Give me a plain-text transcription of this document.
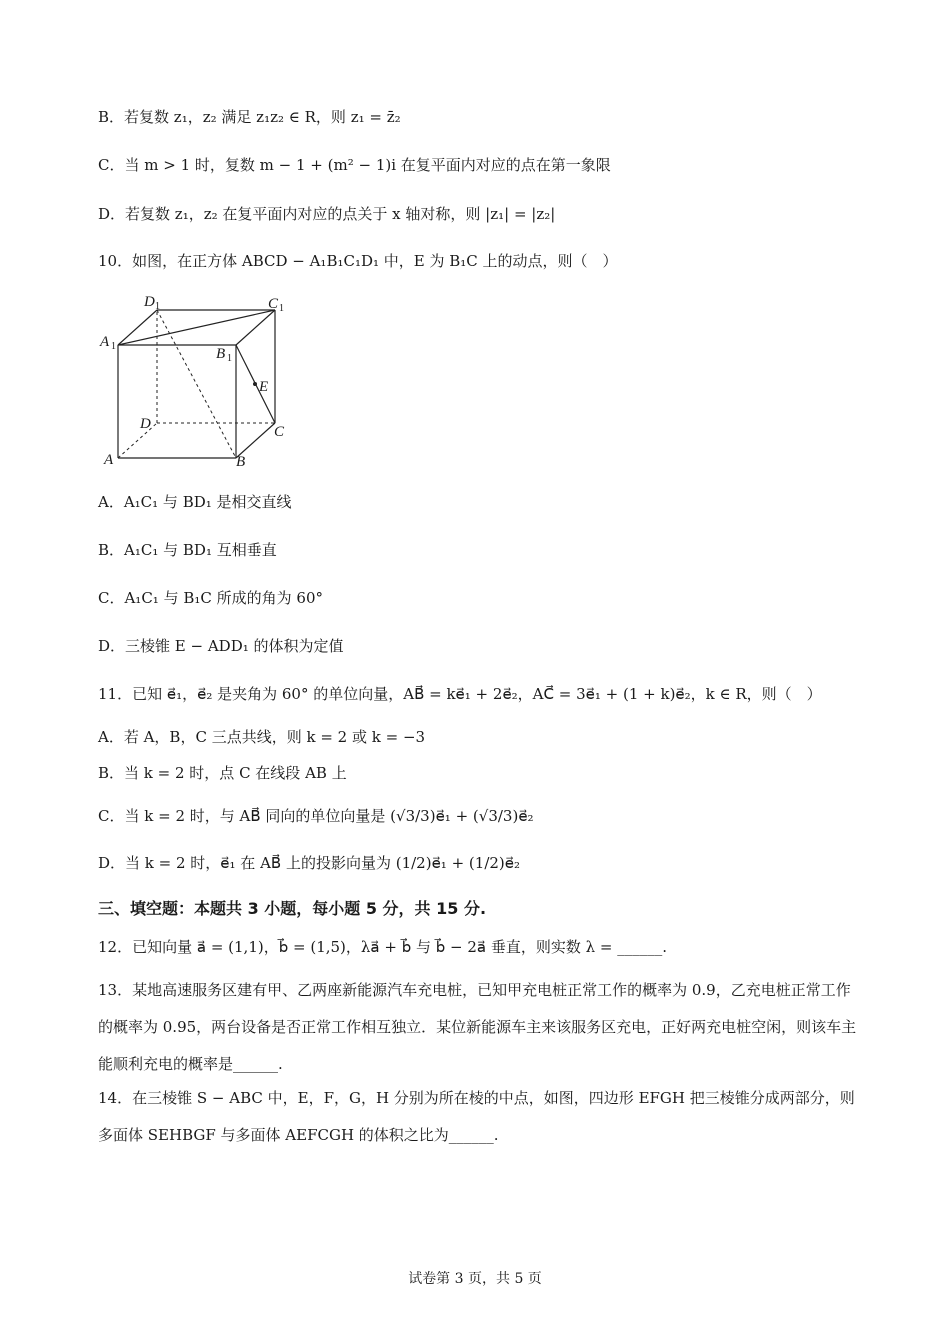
B．若复数 z₁，z₂ 满足 z₁z₂ ∈ R，则 z₁ = z̄₂
C．当 m > 1 时，复数 m − 1 + (m² − 1)i 在复平面内对应的点在第一象限
D．若复数 z₁，z₂ 在复平面内对应的点关于 x 轴对称，则 |z₁| = |z₂|
10．如图，在正方体 ABCD − A₁B₁C₁D₁ 中，E 为 B₁C 上的动点，则（　）
A	B
C
D
A 1	B 1
C 1
D 1
E
A．A₁C₁ 与 BD₁ 是相交直线
B．A₁C₁ 与 BD₁ 互相垂直
C．A₁C₁ 与 B₁C 所成的角为 60°
D．三棱锥 E − ADD₁ 的体积为定值
11．已知 e⃗₁，e⃗₂ 是夹角为 60° 的单位向量，AB⃗ = ke⃗₁ + 2e⃗₂，AC⃗ = 3e⃗₁ + (1 + k)e⃗₂，k ∈ R，则（　）
A．若 A，B，C 三点共线，则 k = 2 或 k = −3
B．当 k = 2 时，点 C 在线段 AB 上
C．当 k = 2 时，与 AB⃗ 同向的单位向量是 (√3/3)e⃗₁ + (√3/3)e⃗₂
D．当 k = 2 时，e⃗₁ 在 AB⃗ 上的投影向量为 (1/2)e⃗₁ + (1/2)e⃗₂
三、填空题：本题共 3 小题，每小题 5 分，共 15 分.
12．已知向量 a⃗ = (1,1)，b⃗ = (1,5)，λa⃗ + b⃗ 与 b⃗ − 2a⃗ 垂直，则实数 λ = ______.
13．某地高速服务区建有甲、乙两座新能源汽车充电桩，已知甲充电桩正常工作的概率为 0.9，乙充电桩正常工作的概率为 0.95，两台设备是否正常工作相互独立．某位新能源车主来该服务区充电，正好两充电桩空闲，则该车主能顺利充电的概率是______.
14．在三棱锥 S − ABC 中，E，F，G，H 分别为所在棱的中点，如图，四边形 EFGH 把三棱锥分成两部分，则多面体 SEHBGF 与多面体 AEFCGH 的体积之比为______.
试卷第 3 页，共 5 页
